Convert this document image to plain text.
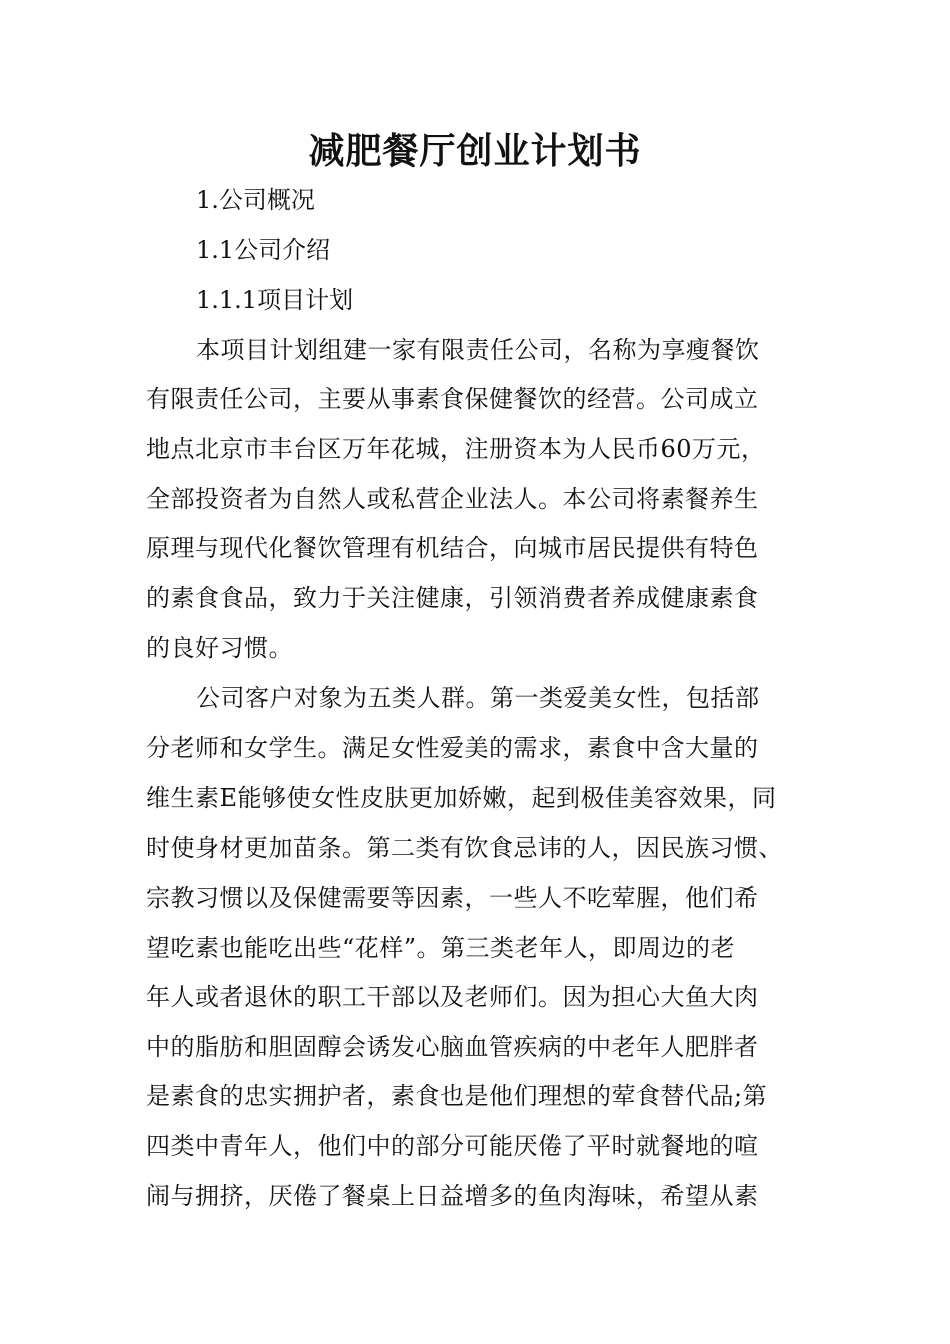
减肥餐厅创业计划书
1.公司概况
1.1公司介绍
1.1.1项目计划
本项目计划组建一家有限责任公司，名称为享瘦餐饮
有限责任公司，主要从事素食保健餐饮的经营。公司成立
地点北京市丰台区万年花城，注册资本为人民币60万元，
全部投资者为自然人或私营企业法人。本公司将素餐养生
原理与现代化餐饮管理有机结合，向城市居民提供有特色
的素食食品，致力于关注健康，引领消费者养成健康素食
的良好习惯。
公司客户对象为五类人群。第一类爱美女性，包括部
分老师和女学生。满足女性爱美的需求，素食中含大量的
维生素E能够使女性皮肤更加娇嫩，起到极佳美容效果，同
时使身材更加苗条。第二类有饮食忌讳的人，因民族习惯、
宗教习惯以及保健需要等因素，一些人不吃荤腥，他们希
望吃素也能吃出些“花样”。第三类老年人，即周边的老
年人或者退休的职工干部以及老师们。因为担心大鱼大肉
中的脂肪和胆固醇会诱发心脑血管疾病的中老年人肥胖者
是素食的忠实拥护者，素食也是他们理想的荤食替代品;第
四类中青年人，他们中的部分可能厌倦了平时就餐地的喧
闹与拥挤，厌倦了餐桌上日益增多的鱼肉海味，希望从素
